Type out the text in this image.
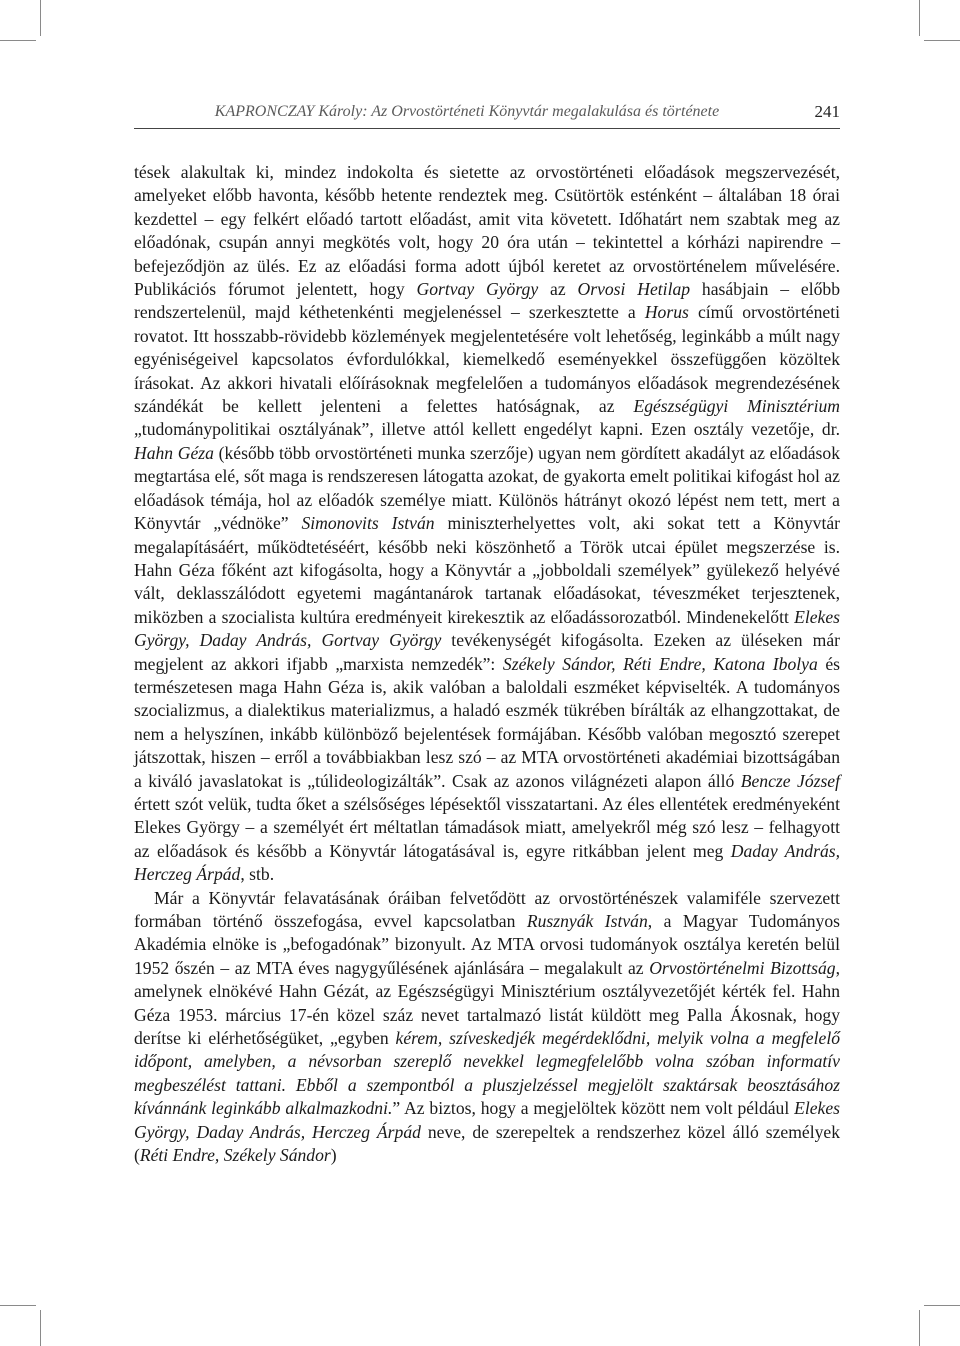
KAPRONCZAY Károly: Az Orvostörténeti Könyvtár megalakulása és története	241

tések alakultak ki, mindez indokolta és sietette az orvostörténeti előadások megszervezését, amelyeket előbb havonta, később hetente rendeztek meg. Csütörtök esténként – általában 18 órai kezdettel – egy felkért előadó tartott előadást, amit vita követett. Időhatárt nem szabtak meg az előadónak, csupán annyi megkötés volt, hogy 20 óra után – tekintettel a kórházi napirendre – befejeződjön az ülés. Ez az előadási forma adott újból keretet az orvostörténelem művelésére. Publikációs fórumot jelentett, hogy Gortvay György az Orvosi Hetilap hasábjain – előbb rendszertelenül, majd kéthetenkénti megjelenéssel – szerkesztette a Horus című orvostörténeti rovatot. Itt hosszabb-rövidebb közlemények megjelentetésére volt lehetőség, leginkább a múlt nagy egyéniségeivel kapcsolatos évfordulókkal, kiemelkedő eseményekkel összefüggően közöltek írásokat. Az akkori hivatali előírásoknak megfelelően a tudományos előadások megrendezésének szándékát be kellett jelenteni a felettes hatóságnak, az Egészségügyi Minisztérium „tudománypolitikai osztályának”, illetve attól kellett engedélyt kapni. Ezen osztály vezetője, dr. Hahn Géza (később több orvostörténeti munka szerzője) ugyan nem gördített akadályt az előadások megtartása elé, sőt maga is rendszeresen látogatta azokat, de gyakorta emelt politikai kifogást hol az előadások témája, hol az előadók személye miatt. Különös hátrányt okozó lépést nem tett, mert a Könyvtár „védnöke” Simonovits István miniszterhelyettes volt, aki sokat tett a Könyvtár megalapításáért, működtetéséért, később neki köszönhető a Török utcai épület megszerzése is. Hahn Géza főként azt kifogásolta, hogy a Könyvtár a „jobboldali személyek” gyülekező helyévé vált, deklasszálódott egyetemi magántanárok tartanak előadásokat, téveszméket terjesztenek, miközben a szocialista kultúra eredményeit kirekesztik az előadássorozatból. Mindenekelőtt Elekes György, Daday András, Gortvay György tevékenységét kifogásolta. Ezeken az üléseken már megjelent az akkori ifjabb „marxista nemzedék”: Székely Sándor, Réti Endre, Katona Ibolya és természetesen maga Hahn Géza is, akik valóban a baloldali eszméket képviselték. A tudományos szocializmus, a dialektikus materializmus, a haladó eszmék tükrében bírálták az elhangzottakat, de nem a helyszínen, inkább különböző bejelentések formájában. Később valóban megosztó szerepet játszottak, hiszen – erről a továbbiakban lesz szó – az MTA orvostörténeti akadémiai bizottságában a kiváló javaslatokat is „túlideologizálták”. Csak az azonos világnézeti alapon álló Bencze József értett szót velük, tudta őket a szélsőséges lépésektől visszatartani. Az éles ellentétek eredményeként Elekes György – a személyét ért méltatlan támadások miatt, amelyekről még szó lesz – felhagyott az előadások és később a Könyvtár látogatásával is, egyre ritkábban jelent meg Daday András, Herczeg Árpád, stb.

Már a Könyvtár felavatásának óráiban felvetődött az orvostörténészek valamiféle szervezett formában történő összefogása, evvel kapcsolatban Rusznyák István, a Magyar Tudományos Akadémia elnöke is „befogadónak” bizonyult. Az MTA orvosi tudományok osztálya keretén belül 1952 őszén – az MTA éves nagygyűlésének ajánlására – megalakult az Orvostörténelmi Bizottság, amelynek elnökévé Hahn Gézát, az Egészségügyi Minisztérium osztályvezetőjét kérték fel. Hahn Géza 1953. március 17-én közel száz nevet tartalmazó listát küldött meg Palla Ákosnak, hogy derítse ki elérhetőségüket, „egyben kérem, szíveskedjék megérdeklődni, melyik volna a megfelelő időpont, amelyben, a névsorban szereplő nevekkel legmegfelelőbb volna szóban informatív megbeszélést tattani. Ebből a szempontból a pluszjelzéssel megjelölt szaktársak beosztásához kívánnánk leginkább alkalmazkodni.” Az biztos, hogy a megjelöltek között nem volt például Elekes György, Daday András, Herczeg Árpád neve, de szerepeltek a rendszerhez közel álló személyek (Réti Endre, Székely Sándor)
